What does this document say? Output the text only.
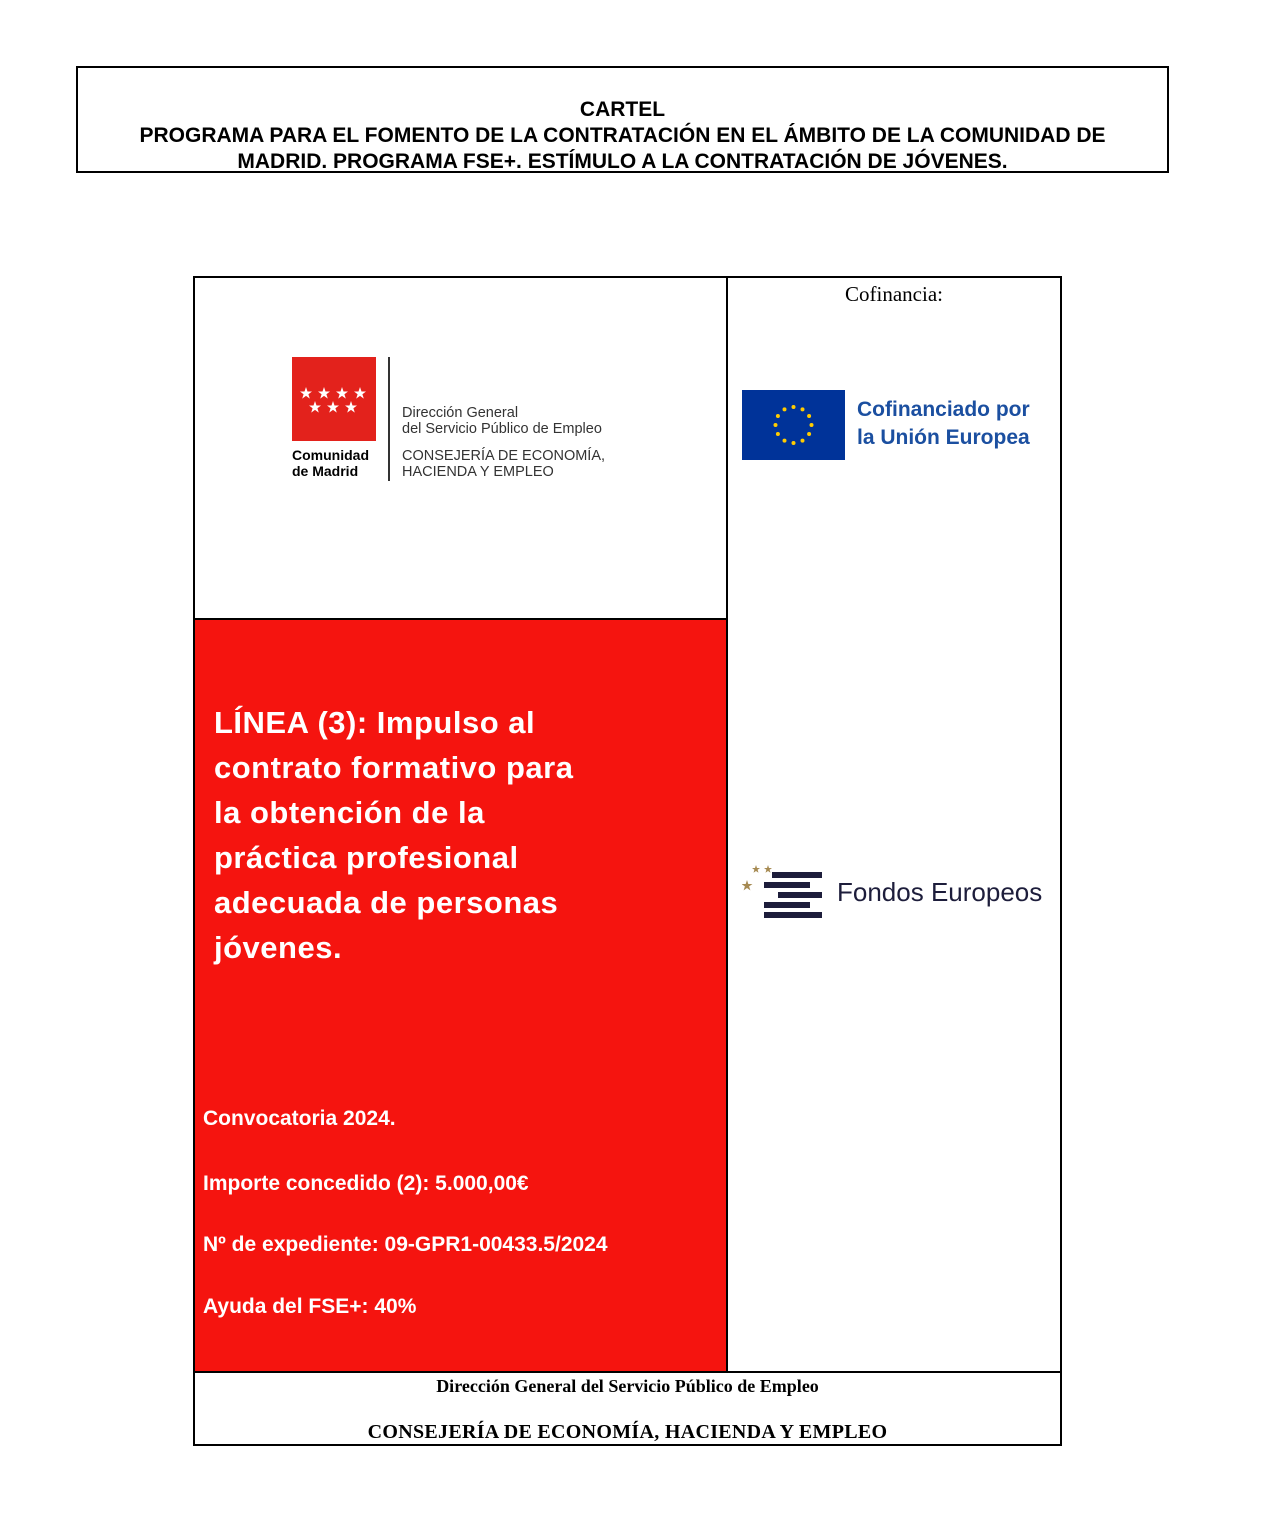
CARTEL
PROGRAMA PARA EL FOMENTO DE LA CONTRATACIÓN EN EL ÁMBITO DE LA COMUNIDAD DE
MADRID. PROGRAMA FSE+. ESTÍMULO A LA CONTRATACIÓN DE JÓVENES.
Comunidad
de Madrid
Dirección General
del Servicio Público de Empleo
CONSEJERÍA DE ECONOMÍA,
HACIENDA Y EMPLEO
LÍNEA (3): Impulso al
contrato formativo para
la obtención de la
práctica profesional
adecuada de personas
jóvenes.
Convocatoria 2024.
Importe concedido (2): 5.000,00€
Nº de expediente: 09-GPR1-00433.5/2024
Ayuda del FSE+: 40%
Cofinancia:
Cofinanciado por
la Unión Europea
Fondos Europeos
Dirección General del Servicio Público de Empleo
CONSEJERÍA DE ECONOMÍA, HACIENDA Y EMPLEO
